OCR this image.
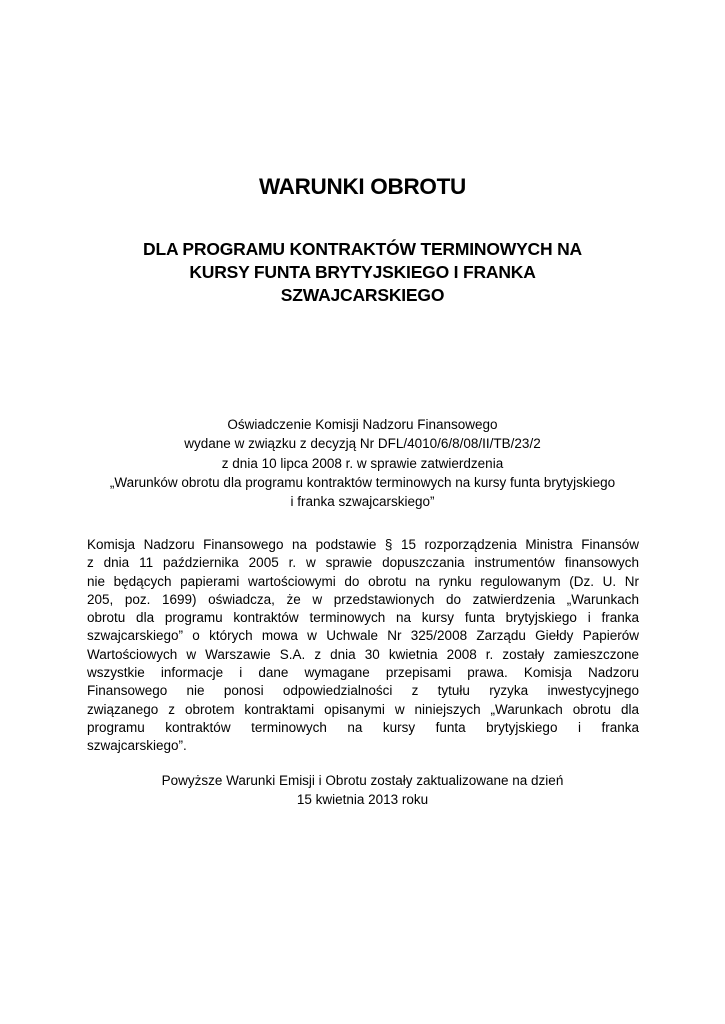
WARUNKI OBROTU
DLA PROGRAMU KONTRAKTÓW TERMINOWYCH NA
KURSY FUNTA BRYTYJSKIEGO I FRANKA
SZWAJCARSKIEGO
Oświadczenie Komisji Nadzoru Finansowego
wydane w związku z decyzją Nr DFL/4010/6/8/08/II/TB/23/2
z dnia 10 lipca 2008 r. w sprawie zatwierdzenia
„Warunków obrotu dla programu kontraktów terminowych na kursy funta brytyjskiego
i franka szwajcarskiego”
Komisja Nadzoru Finansowego na podstawie § 15 rozporządzenia Ministra Finansów
z dnia 11 października 2005 r. w sprawie dopuszczania instrumentów finansowych
nie będących papierami wartościowymi do obrotu na rynku regulowanym (Dz. U. Nr
205, poz. 1699) oświadcza, że w przedstawionych do zatwierdzenia „Warunkach
obrotu dla programu kontraktów terminowych na kursy funta brytyjskiego i franka
szwajcarskiego” o których mowa w Uchwale Nr 325/2008 Zarządu Giełdy Papierów
Wartościowych w Warszawie S.A. z dnia 30 kwietnia 2008 r. zostały zamieszczone
wszystkie informacje i dane wymagane przepisami prawa. Komisja Nadzoru
Finansowego nie ponosi odpowiedzialności z tytułu ryzyka inwestycyjnego
związanego z obrotem kontraktami opisanymi w niniejszych „Warunkach obrotu dla
programu kontraktów terminowych na kursy funta brytyjskiego i franka
szwajcarskiego”.
Powyższe Warunki Emisji i Obrotu zostały zaktualizowane na dzień
15 kwietnia 2013 roku
